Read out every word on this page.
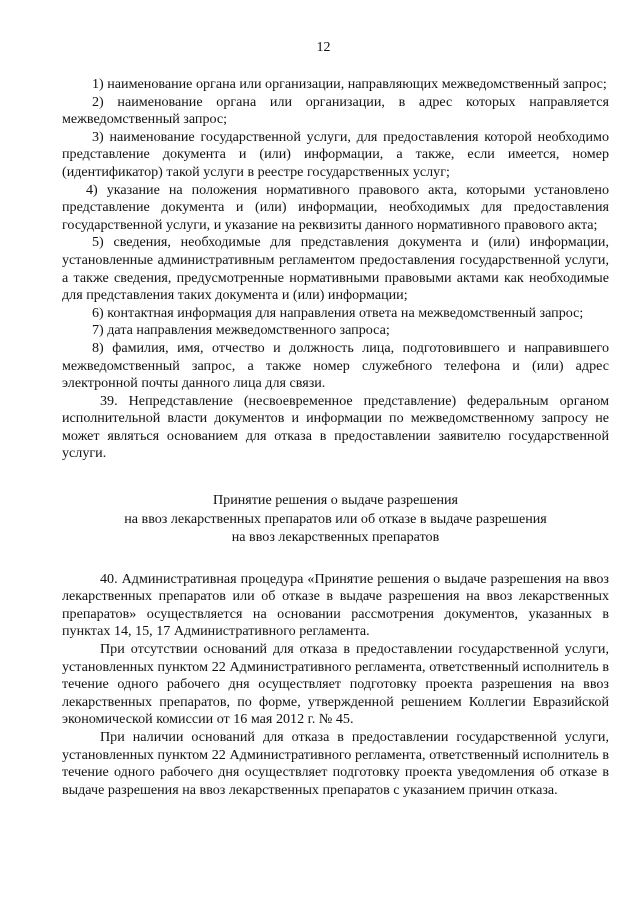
12

1) наименование органа или организации, направляющих межведомственный запрос;

2) наименование органа или организации, в адрес которых направляется межведомственный запрос;

3) наименование государственной услуги, для предоставления которой необходимо представление документа и (или) информации, а также, если имеется, номер (идентификатор) такой услуги в реестре государственных услуг;

4) указание на положения нормативного правового акта, которыми установлено представление документа и (или) информации, необходимых для предоставления государственной услуги, и указание на реквизиты данного нормативного правового акта;

5) сведения, необходимые для представления документа и (или) информации, установленные административным регламентом предоставления государственной услуги, а также сведения, предусмотренные нормативными правовыми актами как необходимые для представления таких документа и (или) информации;

6) контактная информация для направления ответа на межведомственный запрос;

7) дата направления межведомственного запроса;

8) фамилия, имя, отчество и должность лица, подготовившего и направившего межведомственный запрос, а также номер служебного телефона и (или) адрес электронной почты данного лица для связи.

39. Непредставление (несвоевременное представление) федеральным органом исполнительной власти документов и информации по межведомственному запросу не может являться основанием для отказа в предоставлении заявителю государственной услуги.

Принятие решения о выдаче разрешения
на ввоз лекарственных препаратов или об отказе в выдаче разрешения
на ввоз лекарственных препаратов

40. Административная процедура «Принятие решения о выдаче разрешения на ввоз лекарственных препаратов или об отказе в выдаче разрешения на ввоз лекарственных препаратов» осуществляется на основании рассмотрения документов, указанных в пунктах 14, 15, 17 Административного регламента.

При отсутствии оснований для отказа в предоставлении государственной услуги, установленных пунктом 22 Административного регламента, ответственный исполнитель в течение одного рабочего дня осуществляет подготовку проекта разрешения на ввоз лекарственных препаратов, по форме, утвержденной решением Коллегии Евразийской экономической комиссии от 16 мая 2012 г. № 45.

При наличии оснований для отказа в предоставлении государственной услуги, установленных пунктом 22 Административного регламента, ответственный исполнитель в течение одного рабочего дня осуществляет подготовку проекта уведомления об отказе в выдаче разрешения на ввоз лекарственных препаратов с указанием причин отказа.
